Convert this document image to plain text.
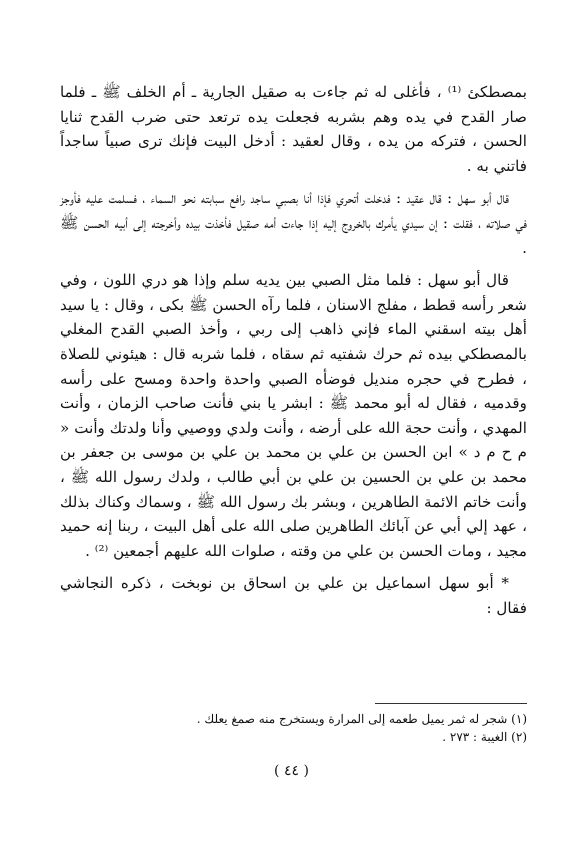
بمصطكئ ⁽¹⁾ ، فأغلى له ثم جاءت به صقيل الجارية ـ أم الخلف ﷺ ـ فلما صار القدح في يده وهم بشربه فجعلت يده ترتعد حتى ضرب القدح ثنايا الحسن ، فتركه من يده ، وقال لعقيد : أدخل البيت فإنك ترى صبياً ساجداً فاتني به .

قال أبو سهل : قال عقيد : فدخلت أتحري فإذا أنا بصبي ساجد رافع سبابته نحو السماء ، فسلمت عليه فأوجز في صلاته ، فقلت : إن سيدي يأمرك بالخروج إليه إذا جاءت أمه صقيل فأخذت بيده وأخرجته إلى أبيه الحسن ﷺ .

قال أبو سهل : فلما مثل الصبي بين يديه سلم وإذا هو دري اللون ، وفي شعر رأسه قطط ، مفلج الاسنان ، فلما رآه الحسن ﷺ بكى ، وقال : يا سيد أهل بيته اسقني الماء فإني ذاهب إلى ربي ، وأخذ الصبي القدح المغلي بالمصطكي بيده ثم حرك شفتيه ثم سقاه ، فلما شربه قال : هيئوني للصلاة ، فطرح في حجره منديل فوضأه الصبي واحدة واحدة ومسح على رأسه وقدميه ، فقال له أبو محمد ﷺ : ابشر يا بني فأنت صاحب الزمان ، وأنت المهدي ، وأنت حجة الله على أرضه ، وأنت ولدي ووصيي وأنا ولدتك وأنت « م ح م د » ابن الحسن بن علي بن محمد بن علي بن موسى بن جعفر بن محمد بن علي بن الحسين بن علي بن أبي طالب ، ولدك رسول الله ﷺ ، وأنت خاتم الائمة الطاهرين ، وبشر بك رسول الله ﷺ ، وسماك وكناك بذلك ، عهد إلي أبي عن آبائك الطاهرين صلى الله على أهل البيت ، ربنا إنه حميد مجيد ، ومات الحسن بن علي من وقته ، صلوات الله عليهم أجمعين ⁽²⁾ .

* أبو سهل اسماعيل بن علي بن اسحاق بن نوبخت ، ذكره النجاشي فقال :

(١) شجر له ثمر يميل طعمه إلى المرارة ويستخرج منه صمغ يعلك .
(٢) الغيبة : ٢٧٣ .
( ٤٤ )
